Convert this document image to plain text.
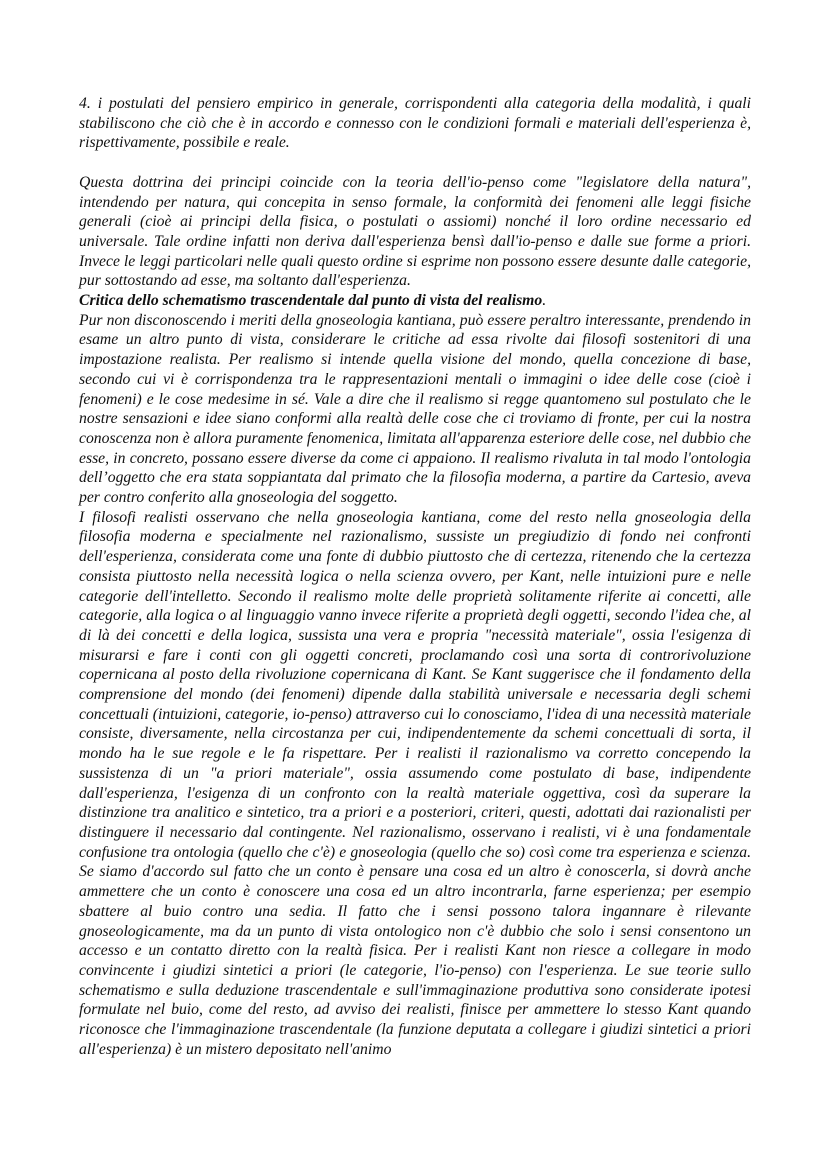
4. i postulati del pensiero empirico in generale, corrispondenti alla categoria della modalità, i quali stabiliscono che ciò che è in accordo e connesso con le condizioni formali e materiali dell'esperienza è, rispettivamente, possibile e reale.

Questa dottrina dei principi coincide con la teoria dell'io-penso come "legislatore della natura", intendendo per natura, qui concepita in senso formale, la conformità dei fenomeni alle leggi fisiche generali (cioè ai principi della fisica, o postulati o assiomi) nonché il loro ordine necessario ed universale. Tale ordine infatti non deriva dall'esperienza bensì dall'io-penso e dalle sue forme a priori. Invece le leggi particolari nelle quali questo ordine si esprime non possono essere desunte dalle categorie, pur sottostando ad esse, ma soltanto dall'esperienza.

Critica dello schematismo trascendentale dal punto di vista del realismo.

Pur non disconoscendo i meriti della gnoseologia kantiana, può essere peraltro interessante, prendendo in esame un altro punto di vista, considerare le critiche ad essa rivolte dai filosofi sostenitori di una impostazione realista. Per realismo si intende quella visione del mondo, quella concezione di base, secondo cui vi è corrispondenza tra le rappresentazioni mentali o immagini o idee delle cose (cioè i fenomeni) e le cose medesime in sé. Vale a dire che il realismo si regge quantomeno sul postulato che le nostre sensazioni e idee siano conformi alla realtà delle cose che ci troviamo di fronte, per cui la nostra conoscenza non è allora puramente fenomenica, limitata all'apparenza esteriore delle cose, nel dubbio che esse, in concreto, possano essere diverse da come ci appaiono. Il realismo rivaluta in tal modo l'ontologia dell’oggetto che era stata soppiantata dal primato che la filosofia moderna, a partire da Cartesio, aveva per contro conferito alla gnoseologia del soggetto.

I filosofi realisti osservano che nella gnoseologia kantiana, come del resto nella gnoseologia della filosofia moderna e specialmente nel razionalismo, sussiste un pregiudizio di fondo nei confronti dell'esperienza, considerata come una fonte di dubbio piuttosto che di certezza, ritenendo che la certezza consista piuttosto nella necessità logica o nella scienza ovvero, per Kant, nelle intuizioni pure e nelle categorie dell'intelletto. Secondo il realismo molte delle proprietà solitamente riferite ai concetti, alle categorie, alla logica o al linguaggio vanno invece riferite a proprietà degli oggetti, secondo l'idea che, al di là dei concetti e della logica, sussista una vera e propria "necessità materiale", ossia l'esigenza di misurarsi e fare i conti con gli oggetti concreti, proclamando così una sorta di controrivoluzione copernicana al posto della rivoluzione copernicana di Kant. Se Kant suggerisce che il fondamento della comprensione del mondo (dei fenomeni) dipende dalla stabilità universale e necessaria degli schemi concettuali (intuizioni, categorie, io-penso) attraverso cui lo conosciamo, l'idea di una necessità materiale consiste, diversamente, nella circostanza per cui, indipendentemente da schemi concettuali di sorta, il mondo ha le sue regole e le fa rispettare. Per i realisti il razionalismo va corretto concependo la sussistenza di un "a priori materiale", ossia assumendo come postulato di base, indipendente dall'esperienza, l'esigenza di un confronto con la realtà materiale oggettiva, così da superare la distinzione tra analitico e sintetico, tra a priori e a posteriori, criteri, questi, adottati dai razionalisti per distinguere il necessario dal contingente. Nel razionalismo, osservano i realisti, vi è una fondamentale confusione tra ontologia (quello che c'è) e gnoseologia (quello che so) così come tra esperienza e scienza. Se siamo d'accordo sul fatto che un conto è pensare una cosa ed un altro è conoscerla, si dovrà anche ammettere che un conto è conoscere una cosa ed un altro incontrarla, farne esperienza; per esempio sbattere al buio contro una sedia. Il fatto che i sensi possono talora ingannare è rilevante gnoseologicamente, ma da un punto di vista ontologico non c'è dubbio che solo i sensi consentono un accesso e un contatto diretto con la realtà fisica. Per i realisti Kant non riesce a collegare in modo convincente i giudizi sintetici a priori (le categorie, l'io-penso) con l'esperienza. Le sue teorie sullo schematismo e sulla deduzione trascendentale e sull'immaginazione produttiva sono considerate ipotesi formulate nel buio, come del resto, ad avviso dei realisti, finisce per ammettere lo stesso Kant quando riconosce che l'immaginazione trascendentale (la funzione deputata a collegare i giudizi sintetici a priori all'esperienza) è un mistero depositato nell'animo
